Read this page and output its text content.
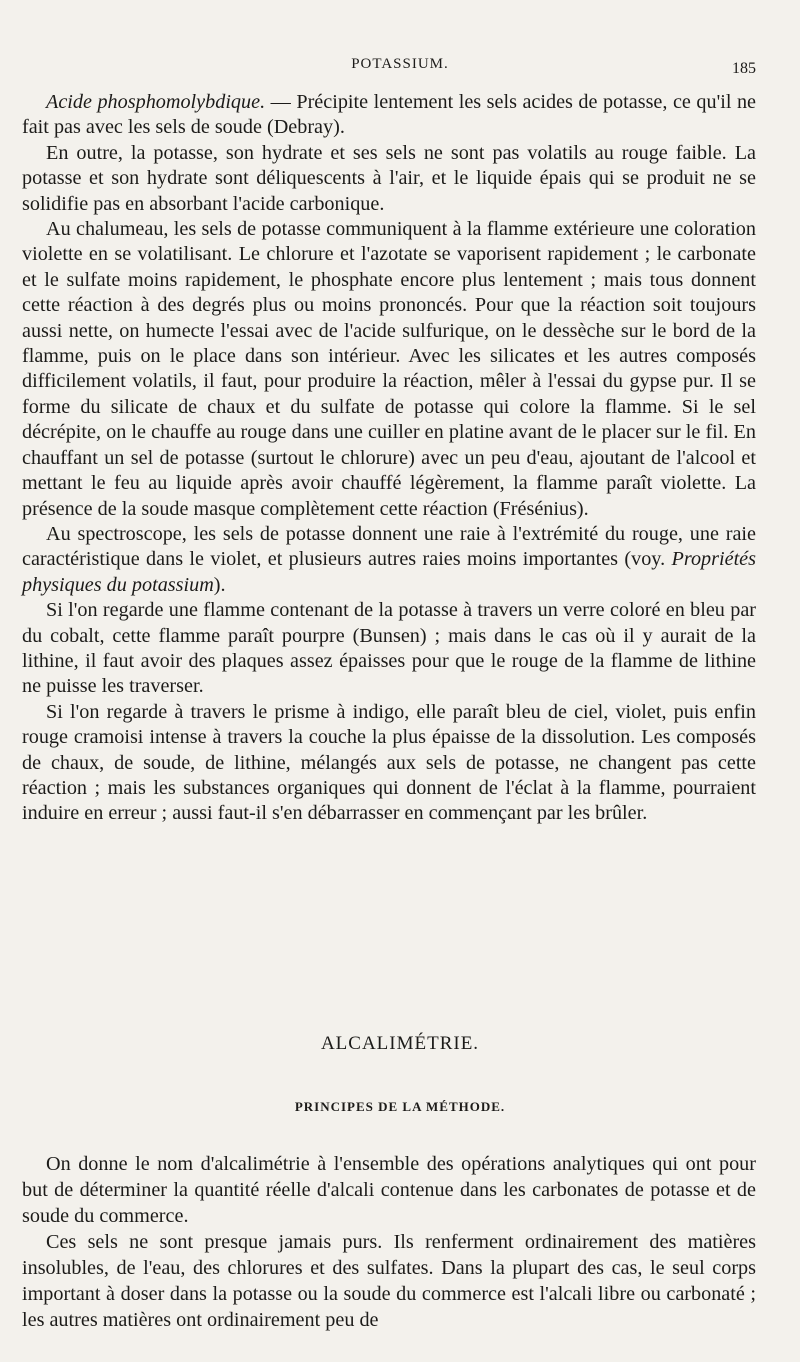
POTASSIUM.	185

Acide phosphomolybdique. — Précipite lentement les sels acides de potasse, ce qu'il ne fait pas avec les sels de soude (Debray).

En outre, la potasse, son hydrate et ses sels ne sont pas volatils au rouge faible. La potasse et son hydrate sont déliquescents à l'air, et le liquide épais qui se produit ne se solidifie pas en absorbant l'acide carbonique.

Au chalumeau, les sels de potasse communiquent à la flamme extérieure une coloration violette en se volatilisant. Le chlorure et l'azotate se vaporisent rapidement ; le carbonate et le sulfate moins rapidement, le phosphate encore plus lentement ; mais tous donnent cette réaction à des degrés plus ou moins prononcés. Pour que la réaction soit toujours aussi nette, on humecte l'essai avec de l'acide sulfurique, on le dessèche sur le bord de la flamme, puis on le place dans son intérieur. Avec les silicates et les autres composés difficilement volatils, il faut, pour produire la réaction, mêler à l'essai du gypse pur. Il se forme du silicate de chaux et du sulfate de potasse qui colore la flamme. Si le sel décrépite, on le chauffe au rouge dans une cuiller en platine avant de le placer sur le fil. En chauffant un sel de potasse (surtout le chlorure) avec un peu d'eau, ajoutant de l'alcool et mettant le feu au liquide après avoir chauffé légèrement, la flamme paraît violette. La présence de la soude masque complètement cette réaction (Frésénius).

Au spectroscope, les sels de potasse donnent une raie à l'extrémité du rouge, une raie caractéristique dans le violet, et plusieurs autres raies moins importantes (voy. Propriétés physiques du potassium).

Si l'on regarde une flamme contenant de la potasse à travers un verre coloré en bleu par du cobalt, cette flamme paraît pourpre (Bunsen) ; mais dans le cas où il y aurait de la lithine, il faut avoir des plaques assez épaisses pour que le rouge de la flamme de lithine ne puisse les traverser.

Si l'on regarde à travers le prisme à indigo, elle paraît bleu de ciel, violet, puis enfin rouge cramoisi intense à travers la couche la plus épaisse de la dissolution. Les composés de chaux, de soude, de lithine, mélangés aux sels de potasse, ne changent pas cette réaction ; mais les substances organiques qui donnent de l'éclat à la flamme, pourraient induire en erreur ; aussi faut-il s'en débarrasser en commençant par les brûler.

ALCALIMÉTRIE.
PRINCIPES DE LA MÉTHODE.

On donne le nom d'alcalimétrie à l'ensemble des opérations analytiques qui ont pour but de déterminer la quantité réelle d'alcali contenue dans les carbonates de potasse et de soude du commerce.

Ces sels ne sont presque jamais purs. Ils renferment ordinairement des matières insolubles, de l'eau, des chlorures et des sulfates. Dans la plupart des cas, le seul corps important à doser dans la potasse ou la soude du commerce est l'alcali libre ou carbonaté ; les autres matières ont ordinairement peu de
